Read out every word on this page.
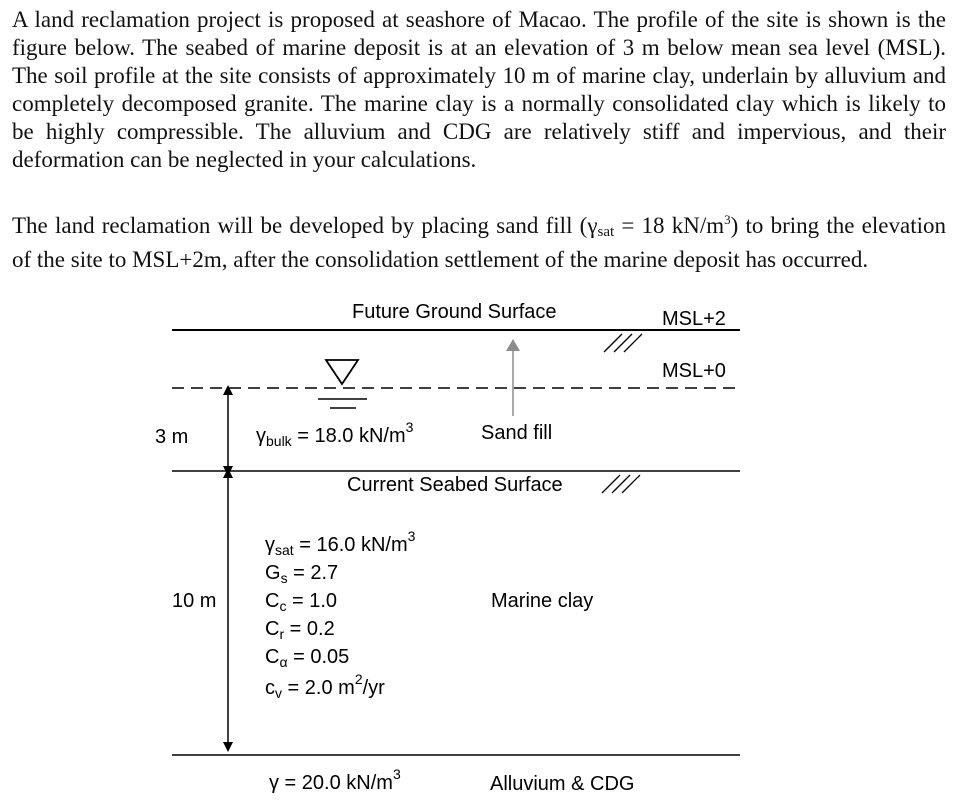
A land reclamation project is proposed at seashore of Macao. The profile of the site is shown is the figure below. The seabed of marine deposit is at an elevation of 3 m below mean sea level (MSL). The soil profile at the site consists of approximately 10 m of marine clay, underlain by alluvium and completely decomposed granite. The marine clay is a normally consolidated clay which is likely to be highly compressible. The alluvium and CDG are relatively stiff and impervious, and their deformation can be neglected in your calculations.
The land reclamation will be developed by placing sand fill ($\gamma_{sat} = 18$ $kN/m^3$) to bring the elevation of the site to MSL+2m, after the consolidation settlement of the marine deposit has occurred.
Future Ground Surface	MSL+2
MSL+0
$\gamma_{bulk} = 18.0$ $kN/m^3$	Sand fill
3 m
Current Seabed Surface
10 m
$\gamma_{sat} = 16.0$ $kN/m^3$
$G_s = 2.7$
$C_c = 1.0$
$C_r = 0.2$
$C_\alpha = 0.05$
$c_v = 2.0$ $m^2/yr$
Marine clay
γ = 20.0 $kN/m^3$	Alluvium & CDG
